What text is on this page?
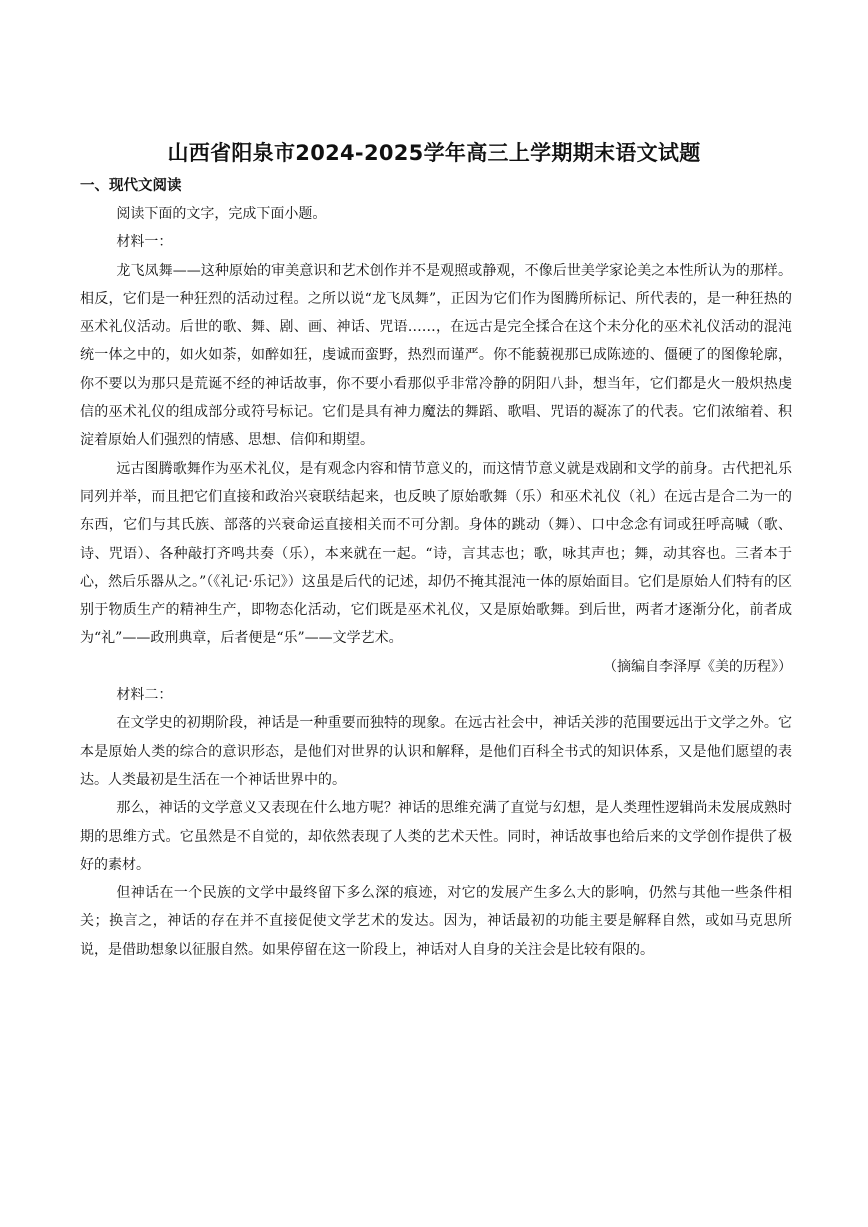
山西省阳泉市2024-2025学年高三上学期期末语文试题
一、现代文阅读

阅读下面的文字，完成下面小题。

材料一：

龙飞凤舞——这种原始的审美意识和艺术创作并不是观照或静观，不像后世美学家论美之本性所认为的那样。相反，它们是一种狂烈的活动过程。之所以说“龙飞凤舞”，正因为它们作为图腾所标记、所代表的，是一种狂热的巫术礼仪活动。后世的歌、舞、剧、画、神话、咒语……，在远古是完全揉合在这个未分化的巫术礼仪活动的混沌统一体之中的，如火如荼，如醉如狂，虔诚而蛮野，热烈而谨严。你不能藐视那已成陈迹的、僵硬了的图像轮廓，你不要以为那只是荒诞不经的神话故事，你不要小看那似乎非常冷静的阴阳八卦，想当年，它们都是火一般炽热虔信的巫术礼仪的组成部分或符号标记。它们是具有神力魔法的舞蹈、歌唱、咒语的凝冻了的代表。它们浓缩着、积淀着原始人们强烈的情感、思想、信仰和期望。

远古图腾歌舞作为巫术礼仪，是有观念内容和情节意义的，而这情节意义就是戏剧和文学的前身。古代把礼乐同列并举，而且把它们直接和政治兴衰联结起来，也反映了原始歌舞（乐）和巫术礼仪（礼）在远古是合二为一的东西，它们与其氏族、部落的兴衰命运直接相关而不可分割。身体的跳动（舞）、口中念念有词或狂呼高喊（歌、诗、咒语）、各种敲打齐鸣共奏（乐），本来就在一起。“诗，言其志也；歌，咏其声也；舞，动其容也。三者本于心，然后乐器从之。”（《礼记·乐记》）这虽是后代的记述，却仍不掩其混沌一体的原始面目。它们是原始人们特有的区别于物质生产的精神生产，即物态化活动，它们既是巫术礼仪，又是原始歌舞。到后世，两者才逐渐分化，前者成为“礼”——政刑典章，后者便是“乐”——文学艺术。

（摘编自李泽厚《美的历程》）

材料二：

在文学史的初期阶段，神话是一种重要而独特的现象。在远古社会中，神话关涉的范围要远出于文学之外。它本是原始人类的综合的意识形态，是他们对世界的认识和解释，是他们百科全书式的知识体系，又是他们愿望的表达。人类最初是生活在一个神话世界中的。

那么，神话的文学意义又表现在什么地方呢？神话的思维充满了直觉与幻想，是人类理性逻辑尚未发展成熟时期的思维方式。它虽然是不自觉的，却依然表现了人类的艺术天性。同时，神话故事也给后来的文学创作提供了极好的素材。

但神话在一个民族的文学中最终留下多么深的痕迹，对它的发展产生多么大的影响，仍然与其他一些条件相关；换言之，神话的存在并不直接促使文学艺术的发达。因为，神话最初的功能主要是解释自然，或如马克思所说，是借助想象以征服自然。如果停留在这一阶段上，神话对人自身的关注会是比较有限的。
